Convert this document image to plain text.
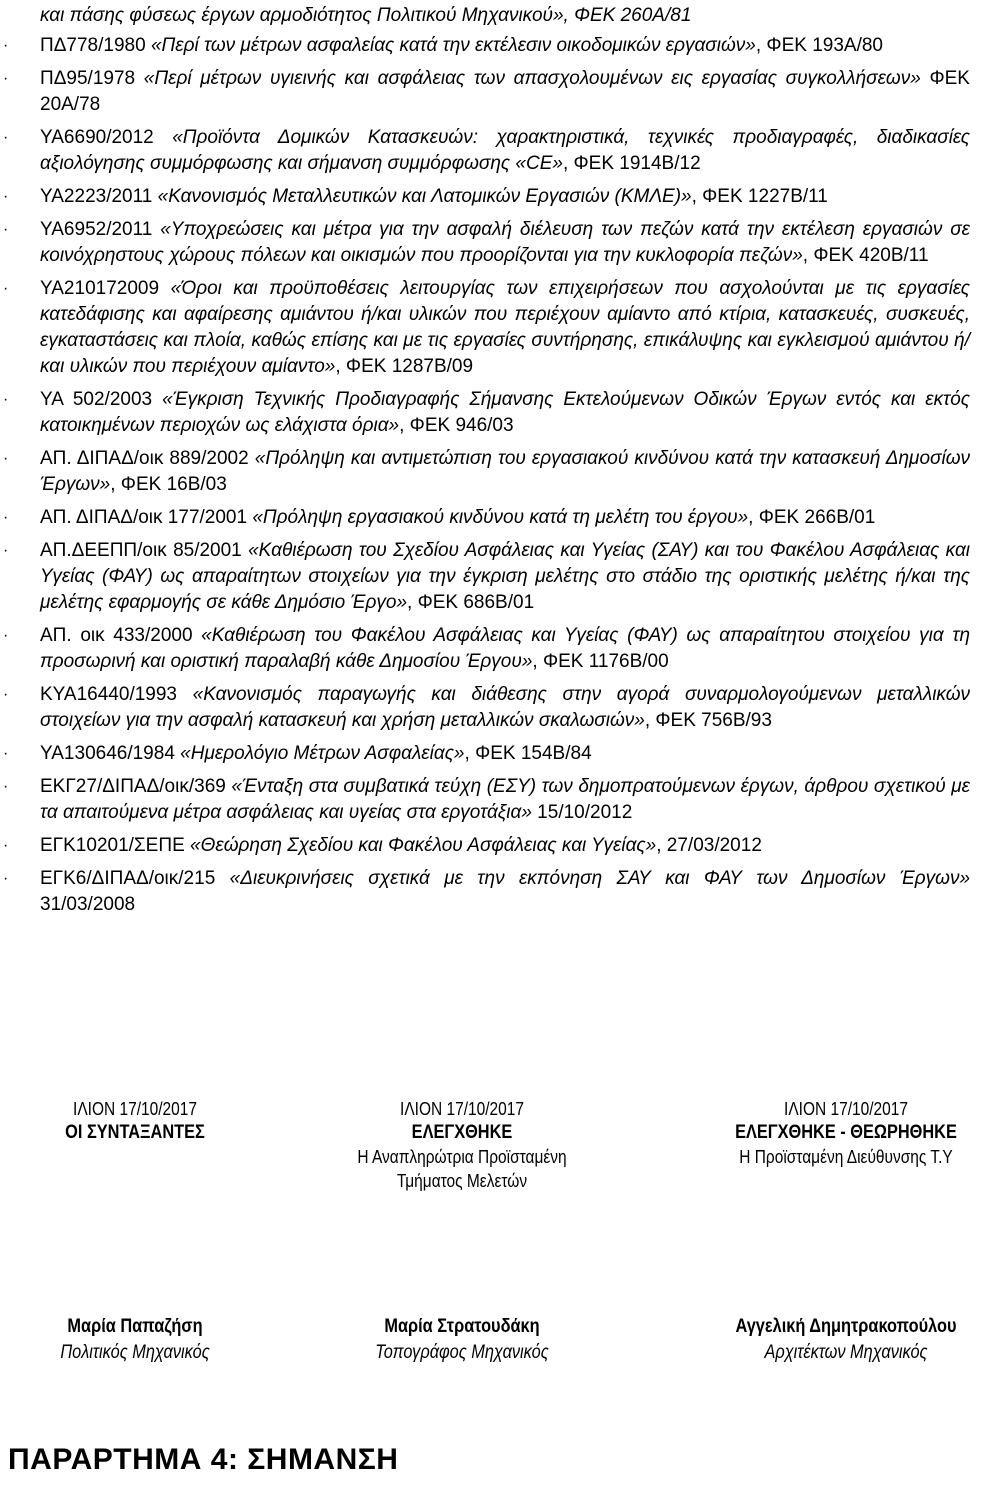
και πάσης φύσεως έργων αρμοδιότητος Πολιτικού Μηχανικού», ΦΕΚ 260Α/81
· ΠΔ778/1980 «Περί των μέτρων ασφαλείας κατά την εκτέλεσιν οικοδομικών εργασιών», ΦΕΚ 193Α/80
· ΠΔ95/1978 «Περί μέτρων υγιεινής και ασφάλειας των απασχολουμένων εις εργασίας συγκολλήσεων» ΦΕΚ 20Α/78
· ΥΑ6690/2012 «Προϊόντα Δομικών Κατασκευών: χαρακτηριστικά, τεχνικές προδιαγραφές, διαδικασίες αξιολόγησης συμμόρφωσης και σήμανση συμμόρφωσης «CE», ΦΕΚ 1914Β/12
· ΥΑ2223/2011 «Κανονισμός Μεταλλευτικών και Λατομικών Εργασιών (ΚΜΛΕ)», ΦΕΚ 1227Β/11
· ΥΑ6952/2011 «Υποχρεώσεις και μέτρα για την ασφαλή διέλευση των πεζών κατά την εκτέλεση εργασιών σε κοινόχρηστους χώρους πόλεων και οικισμών που προορίζονται για την κυκλοφορία πεζών», ΦΕΚ 420Β/11
· ΥΑ210172009 «Όροι και προϋποθέσεις λειτουργίας των επιχειρήσεων που ασχολούνται με τις εργασίες κατεδάφισης και αφαίρεσης αμιάντου ή/και υλικών που περιέχουν αμίαντο από κτίρια, κατασκευές, συσκευές, εγκαταστάσεις και πλοία, καθώς επίσης και με τις εργασίες συντήρησης, επικάλυψης και εγκλεισμού αμιάντου ή/και υλικών που περιέχουν αμίαντο», ΦΕΚ 1287Β/09
· ΥΑ 502/2003 «Έγκριση Τεχνικής Προδιαγραφής Σήμανσης Εκτελούμενων Οδικών Έργων εντός και εκτός κατοικημένων περιοχών ως ελάχιστα όρια», ΦΕΚ 946/03
· ΑΠ. ΔΙΠΑΔ/οικ 889/2002 «Πρόληψη και αντιμετώπιση του εργασιακού κινδύνου κατά την κατασκευή Δημοσίων Έργων», ΦΕΚ 16Β/03
· ΑΠ. ΔΙΠΑΔ/οικ 177/2001 «Πρόληψη εργασιακού κινδύνου κατά τη μελέτη του έργου», ΦΕΚ 266Β/01
· ΑΠ.ΔΕΕΠΠ/οικ 85/2001 «Καθιέρωση του Σχεδίου Ασφάλειας και Υγείας (ΣΑΥ) και του Φακέλου Ασφάλειας και Υγείας (ΦΑΥ) ως απαραίτητων στοιχείων για την έγκριση μελέτης στο στάδιο της οριστικής μελέτης ή/και της μελέτης εφαρμογής σε κάθε Δημόσιο Έργο», ΦΕΚ 686Β/01
· ΑΠ. οικ 433/2000 «Καθιέρωση του Φακέλου Ασφάλειας και Υγείας (ΦΑΥ) ως απαραίτητου στοιχείου για τη προσωρινή και οριστική παραλαβή κάθε Δημοσίου Έργου», ΦΕΚ 1176Β/00
· ΚΥΑ16440/1993 «Κανονισμός παραγωγής και διάθεσης στην αγορά συναρμολογούμενων μεταλλικών στοιχείων για την ασφαλή κατασκευή και χρήση μεταλλικών σκαλωσιών», ΦΕΚ 756Β/93
· ΥΑ130646/1984 «Ημερολόγιο Μέτρων Ασφαλείας», ΦΕΚ 154Β/84
· ΕΚΓ27/ΔΙΠΑΔ/οικ/369 «Ένταξη στα συμβατικά τεύχη (ΕΣΥ) των δημοπρατούμενων έργων, άρθρου σχετικού με τα απαιτούμενα μέτρα ασφάλειας και υγείας στα εργοτάξια» 15/10/2012
· ΕΓΚ10201/ΣΕΠΕ «Θεώρηση Σχεδίου και Φακέλου Ασφάλειας και Υγείας», 27/03/2012
· ΕΓΚ6/ΔΙΠΑΔ/οικ/215 «Διευκρινήσεις σχετικά με την εκπόνηση ΣΑΥ και ΦΑΥ των Δημοσίων Έργων» 31/03/2008
ΙΛΙΟΝ 17/10/2017
ΟΙ ΣΥΝΤΑΞΑΝΤΕΣ
ΙΛΙΟΝ 17/10/2017
ΕΛΕΓΧΘΗΚΕ
Η Αναπληρώτρια Προϊσταμένη
Τμήματος Μελετών
ΙΛΙΟΝ 17/10/2017
ΕΛΕΓΧΘΗΚΕ - ΘΕΩΡΗΘΗΚΕ
Η Προϊσταμένη Διεύθυνσης Τ.Υ
Μαρία Παπαζήση
Πολιτικός Μηχανικός
Μαρία Στρατουδάκη
Τοπογράφος Μηχανικός
Αγγελική Δημητρακοπούλου
Αρχιτέκτων Μηχανικός
ΠΑΡΑΡΤΗΜΑ 4: ΣΗΜΑΝΣΗ
